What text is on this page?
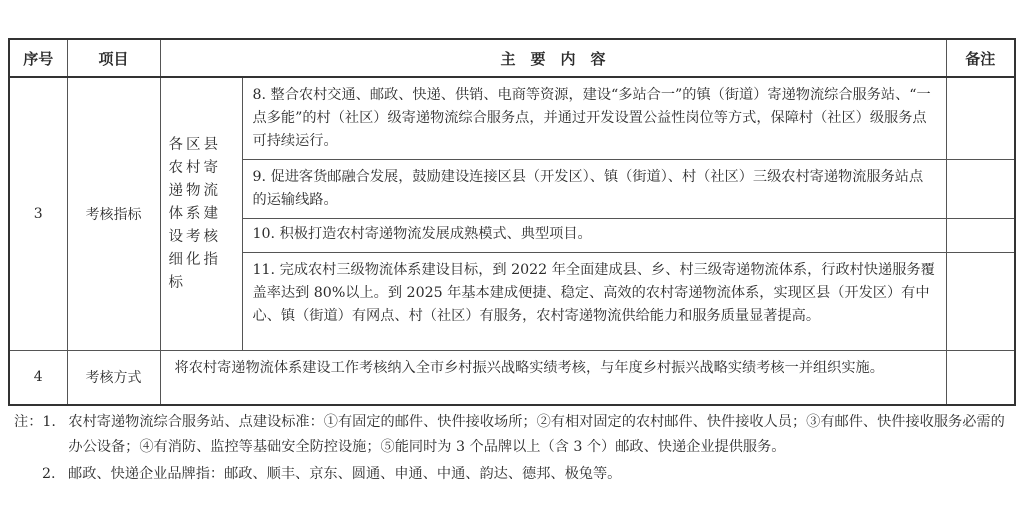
序号	项目	主　要　内　容		备注
3	考核指标	各区县农村寄递物流体系建设考核细化指标	8. 整合农村交通、邮政、快递、供销、电商等资源，建设“多站合一”的镇（街道）寄递物流综合服务站、“一点多能”的村（社区）级寄递物流综合服务点，并通过开发设置公益性岗位等方式，保障村（社区）级服务点可持续运行。	
			9. 促进客货邮融合发展，鼓励建设连接区县（开发区）、镇（街道）、村（社区）三级农村寄递物流服务站点的运输线路。	
			10. 积极打造农村寄递物流发展成熟模式、典型项目。	
			11. 完成农村三级物流体系建设目标，到 2022 年全面建成县、乡、村三级寄递物流体系，行政村快递服务覆盖率达到 80%以上。到 2025 年基本建成便捷、稳定、高效的农村寄递物流体系，实现区县（开发区）有中心、镇（街道）有网点、村（社区）有服务，农村寄递物流供给能力和服务质量显著提高。	
4	考核方式	将农村寄递物流体系建设工作考核纳入全市乡村振兴战略实绩考核，与年度乡村振兴战略实绩考核一并组织实施。		
注： 1. 农村寄递物流综合服务站、点建设标准：①有固定的邮件、快件接收场所；②有相对固定的农村邮件、快件接收人员；③有邮件、快件接收服务必需的办公设备；④有消防、监控等基础安全防控设施；⑤能同时为 3 个品牌以上（含 3 个）邮政、快递企业提供服务。
2. 邮政、快递企业品牌指：邮政、顺丰、京东、圆通、申通、中通、韵达、德邦、极兔等。
